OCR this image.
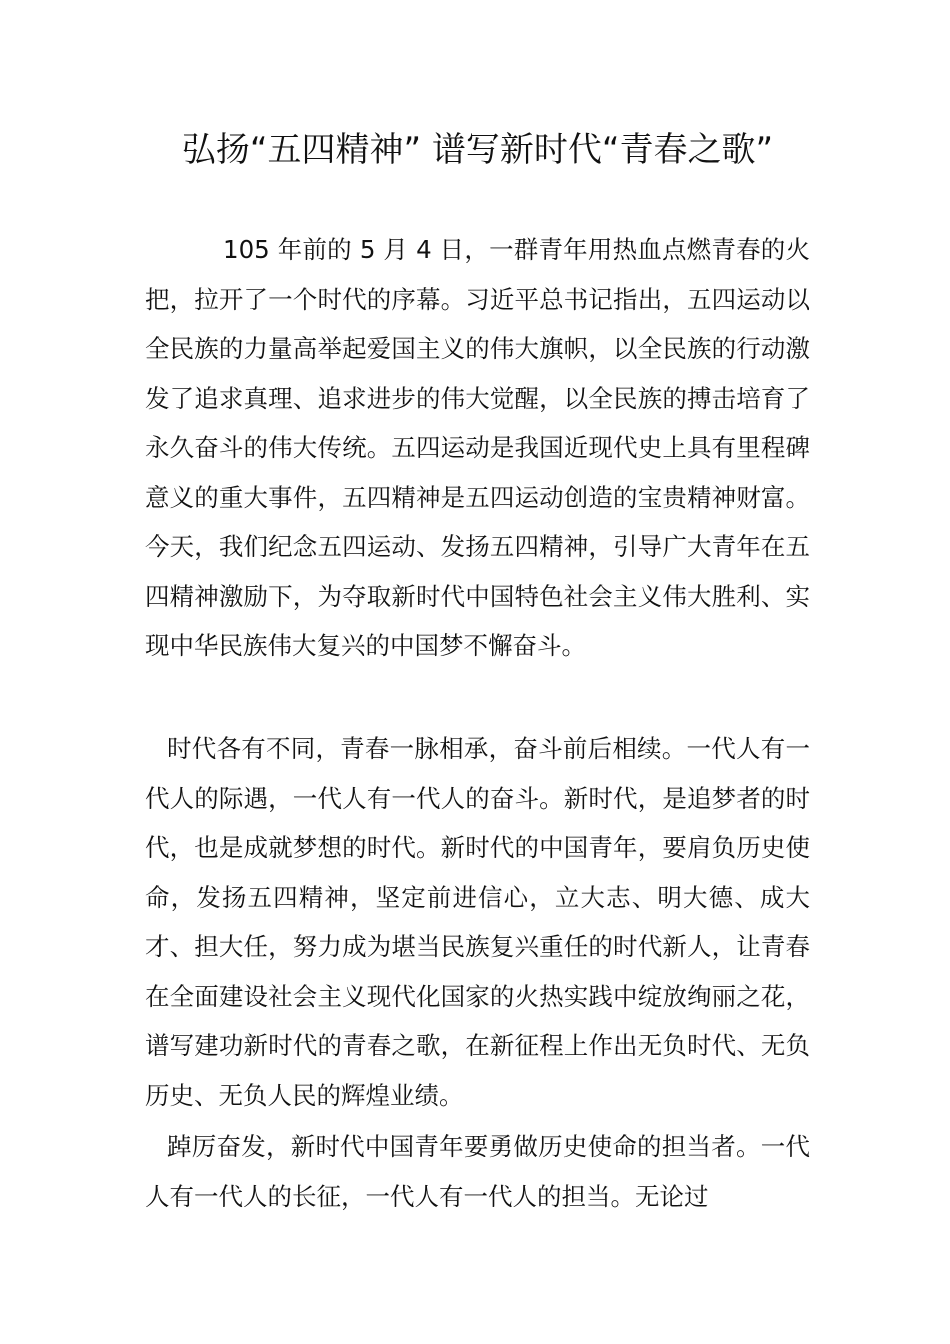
弘扬“五四精神” 谱写新时代“青春之歌”

105 年前的 5 月 4 日，一群青年用热血点燃青春的火把，拉开了一个时代的序幕。习近平总书记指出，五四运动以全民族的力量高举起爱国主义的伟大旗帜，以全民族的行动激发了追求真理、追求进步的伟大觉醒，以全民族的搏击培育了永久奋斗的伟大传统。五四运动是我国近现代史上具有里程碑意义的重大事件，五四精神是五四运动创造的宝贵精神财富。今天，我们纪念五四运动、发扬五四精神，引导广大青年在五四精神激励下，为夺取新时代中国特色社会主义伟大胜利、实现中华民族伟大复兴的中国梦不懈奋斗。

时代各有不同，青春一脉相承，奋斗前后相续。一代人有一代人的际遇，一代人有一代人的奋斗。新时代，是追梦者的时代，也是成就梦想的时代。新时代的中国青年，要肩负历史使命，发扬五四精神，坚定前进信心，立大志、明大德、成大才、担大任，努力成为堪当民族复兴重任的时代新人，让青春在全面建设社会主义现代化国家的火热实践中绽放绚丽之花，谱写建功新时代的青春之歌，在新征程上作出无负时代、无负历史、无负人民的辉煌业绩。

踔厉奋发，新时代中国青年要勇做历史使命的担当者。一代人有一代人的长征，一代人有一代人的担当。无论过
